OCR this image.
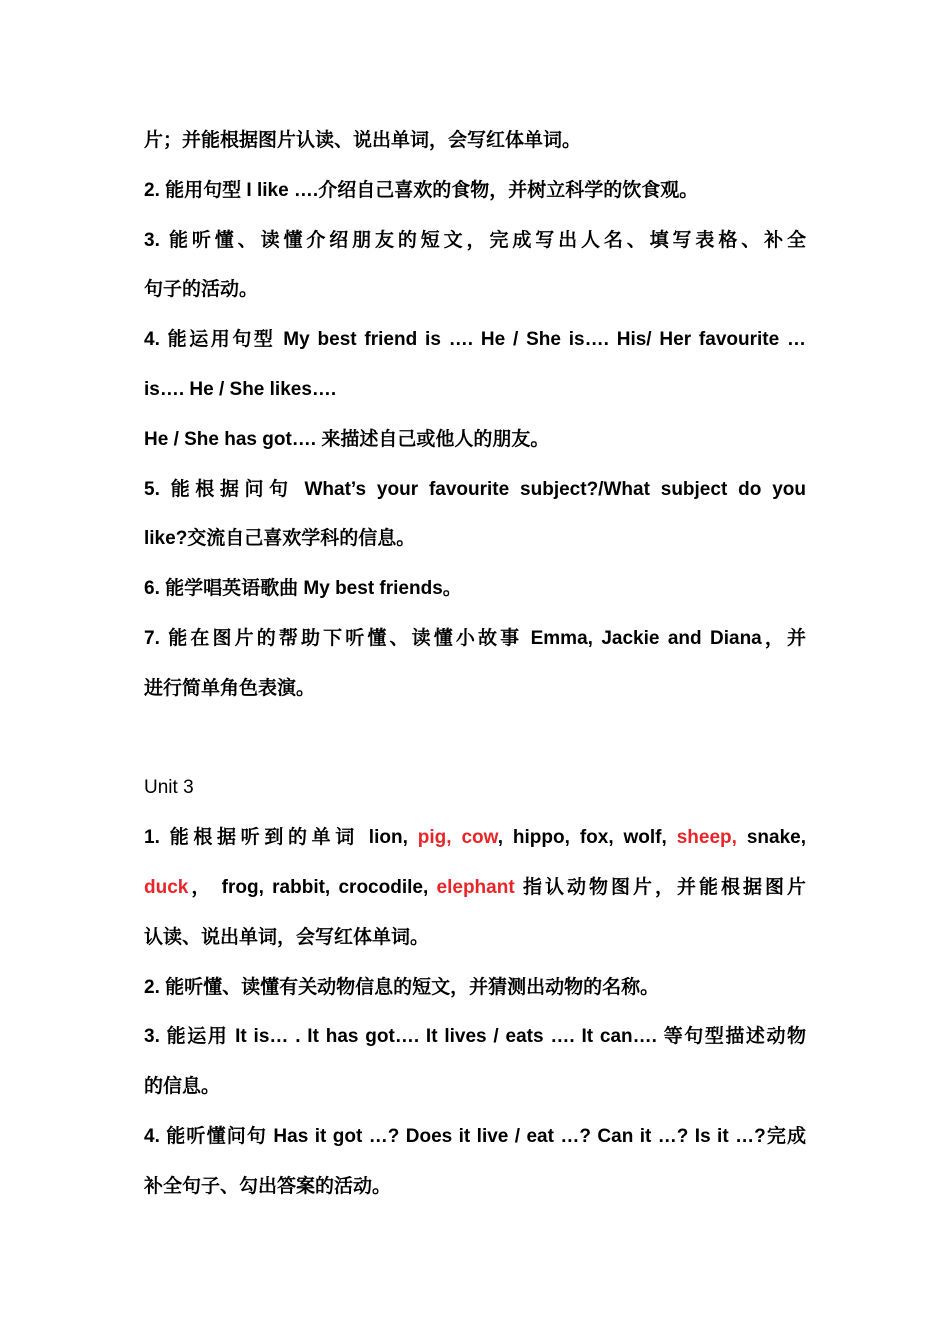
片；并能根据图片认读、说出单词，会写红体单词。
2. 能用句型 I like ….介绍自己喜欢的食物，并树立科学的饮食观。
3. 能听懂、读懂介绍朋友的短文，完成写出人名、填写表格、补全
句子的活动。
4. 能运用句型 My best friend is …. He / She is…. His/ Her favourite …
is…. He / She likes….
He / She has got…. 来描述自己或他人的朋友。
5. 能根据问句 What’s your favourite subject?/What subject do you
like?交流自己喜欢学科的信息。
6. 能学唱英语歌曲 My best friends。
7. 能在图片的帮助下听懂、读懂小故事 Emma, Jackie and Diana，并
进行简单角色表演。
Unit 3
1. 能根据听到的单词 lion, pig, cow, hippo, fox, wolf, sheep, snake,
duck， frog, rabbit, crocodile, elephant 指认动物图片，并能根据图片
认读、说出单词，会写红体单词。
2. 能听懂、读懂有关动物信息的短文，并猜测出动物的名称。
3. 能运用 It is… . It has got…. It lives / eats …. It can…. 等句型描述动物
的信息。
4. 能听懂问句 Has it got …? Does it live / eat …? Can it …? Is it …?完成
补全句子、勾出答案的活动。
